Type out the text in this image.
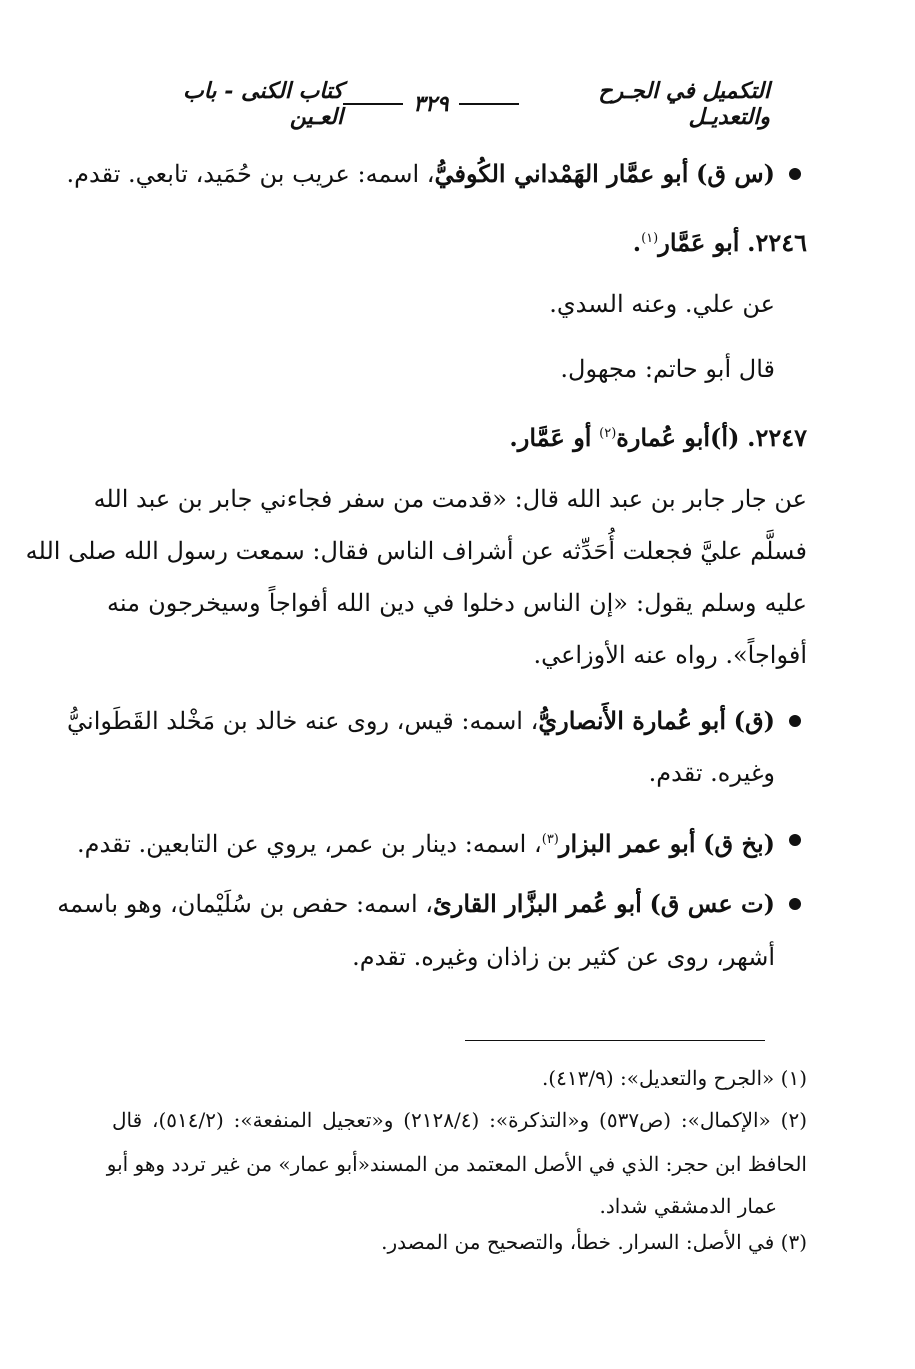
التكميل في الجـرح والتعديـل
٣٢٩
كتاب الكنى - باب العـين
(س ق) أبو عمَّار الهَمْداني الكُوفيُّ، اسمه: عريب بن حُمَيد، تابعي. تقدم.
٢٢٤٦. أبو عَمَّار$^{(١)}$.
عن علي. وعنه السدي.
قال أبو حاتم: مجهول.
٢٢٤٧. (أ)أبو عُمارة$^{(٢)}$ أو عَمَّار.
عن جار جابر بن عبد الله قال: «قدمت من سفر فجاءني جابر بن عبد الله
فسلَّم عليَّ فجعلت أُحَدِّثه عن أشراف الناس فقال: سمعت رسول الله صلى الله
عليه وسلم يقول: «إن الناس دخلوا في دين الله أفواجاً وسيخرجون منه
أفواجاً». رواه عنه الأوزاعي.
(ق) أبو عُمارة الأَنصاريُّ، اسمه: قيس، روى عنه خالد بن مَخْلد القَطَوانيُّ
وغيره. تقدم.
(بخ ق) أبو عمر البزار$^{(٣)}$، اسمه: دينار بن عمر، يروي عن التابعين. تقدم.
(ت عس ق) أبو عُمر البزَّار القارئ، اسمه: حفص بن سُلَيْمان، وهو باسمه
أشهر، روى عن كثير بن زاذان وغيره. تقدم.
(١) «الجرح والتعديل»: (٤١٣/٩).
(٢) «الإكمال»: (ص٥٣٧) و«التذكرة»: (٢١٢٨/٤) و«تعجيل المنفعة»: (٥١٤/٢)، قال
الحافظ ابن حجر: الذي في الأصل المعتمد من المسند«أبو عمار» من غير تردد وهو أبو
عمار الدمشقي شداد.
(٣) في الأصل: السرار. خطأ، والتصحيح من المصدر.
